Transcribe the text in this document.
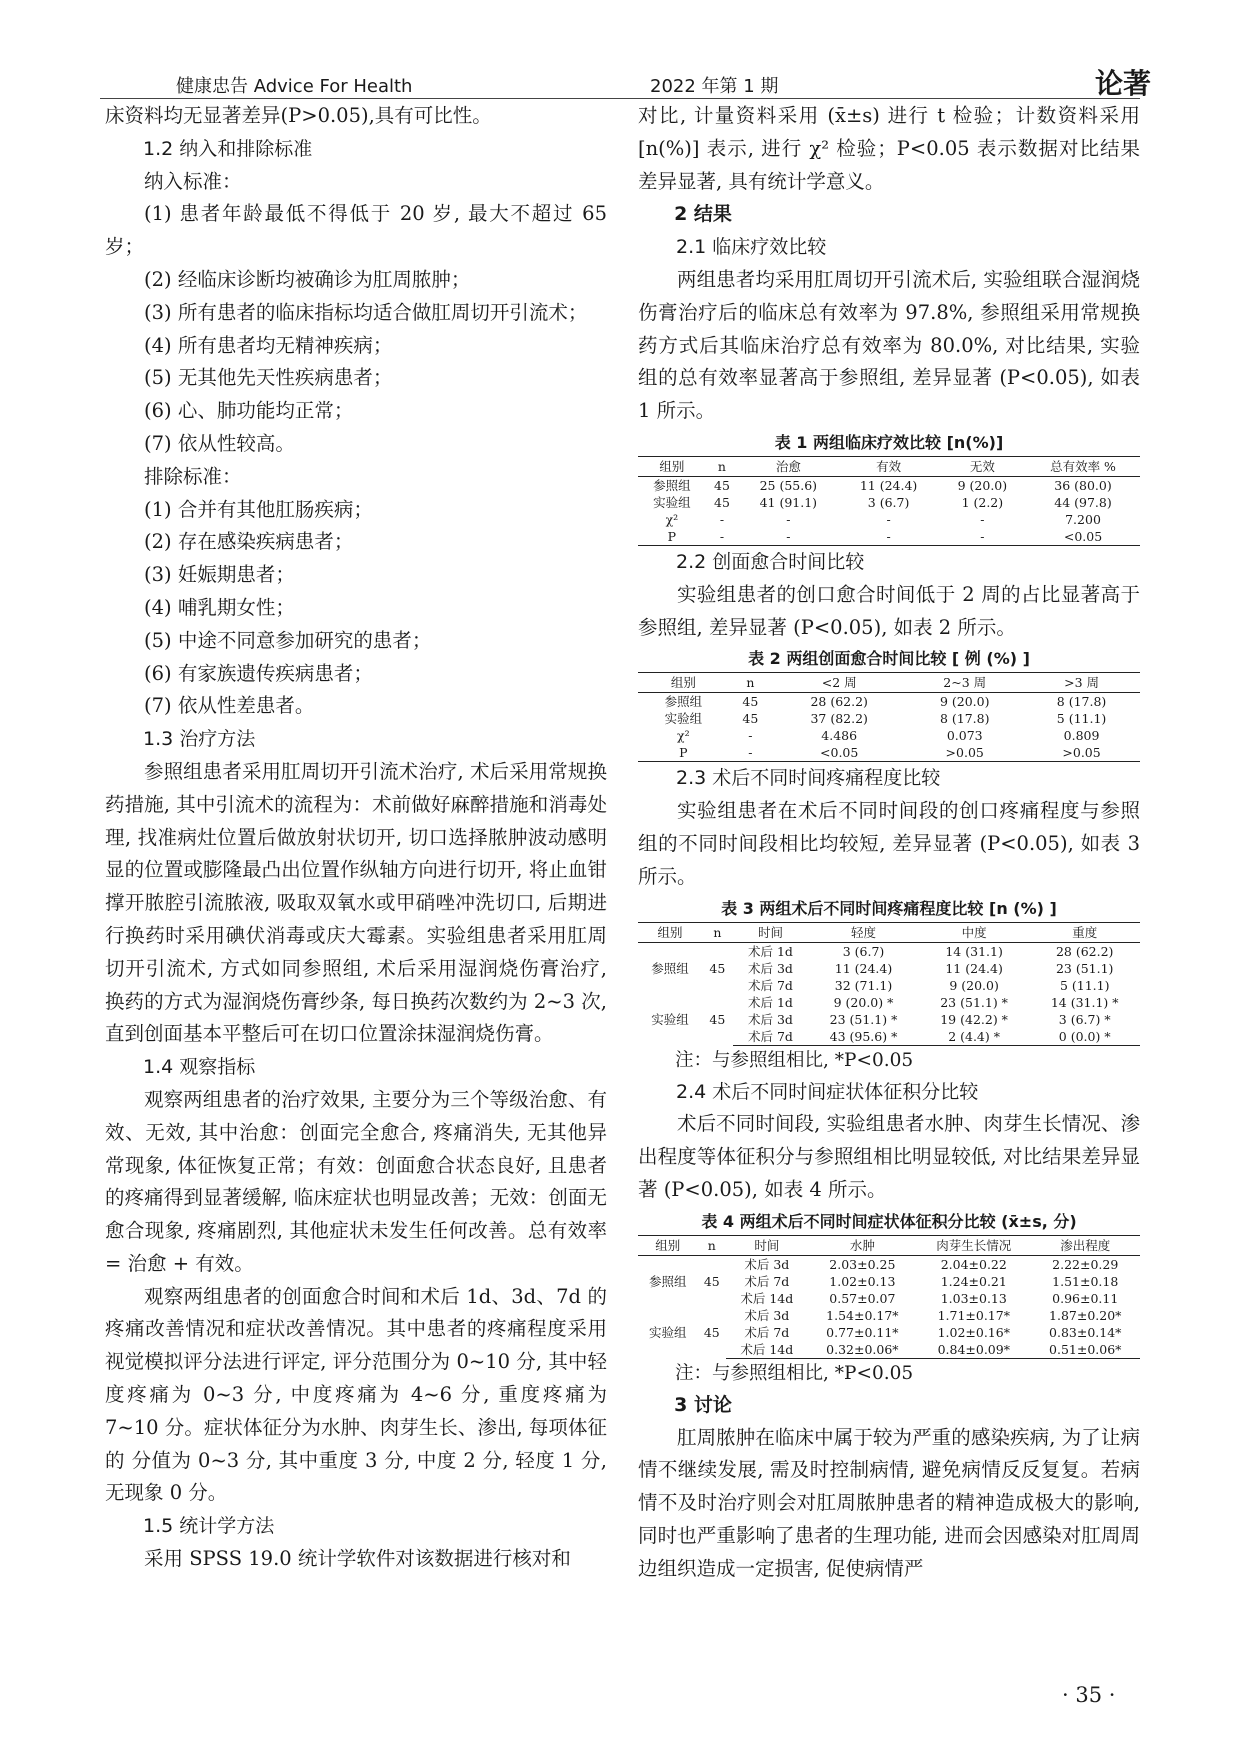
健康忠告 Advice For Health	2022 年第 1 期	论著

床资料均无显著差异(P>0.05),具有可比性。

1.2 纳入和排除标准

纳入标准：

(1) 患者年龄最低不得低于 20 岁, 最大不超过 65 岁；

(2) 经临床诊断均被确诊为肛周脓肿；

(3) 所有患者的临床指标均适合做肛周切开引流术；

(4) 所有患者均无精神疾病；

(5) 无其他先天性疾病患者；

(6) 心、肺功能均正常；

(7) 依从性较高。

排除标准：

(1) 合并有其他肛肠疾病；

(2) 存在感染疾病患者；

(3) 妊娠期患者；

(4) 哺乳期女性；

(5) 中途不同意参加研究的患者；

(6) 有家族遗传疾病患者；

(7) 依从性差患者。

1.3 治疗方法

参照组患者采用肛周切开引流术治疗, 术后采用常规换药措施, 其中引流术的流程为：术前做好麻醉措施和消毒处理, 找准病灶位置后做放射状切开, 切口选择脓肿波动感明显的位置或膨隆最凸出位置作纵轴方向进行切开, 将止血钳撑开脓腔引流脓液, 吸取双氧水或甲硝唑冲洗切口, 后期进行换药时采用碘伏消毒或庆大霉素。实验组患者采用肛周切开引流术, 方式如同参照组, 术后采用湿润烧伤膏治疗, 换药的方式为湿润烧伤膏纱条, 每日换药次数约为 2~3 次, 直到创面基本平整后可在切口位置涂抹湿润烧伤膏。

1.4 观察指标

观察两组患者的治疗效果, 主要分为三个等级治愈、有效、无效, 其中治愈：创面完全愈合, 疼痛消失, 无其他异常现象, 体征恢复正常；有效：创面愈合状态良好, 且患者的疼痛得到显著缓解, 临床症状也明显改善；无效：创面无愈合现象, 疼痛剧烈, 其他症状未发生任何改善。总有效率 = 治愈 + 有效。

观察两组患者的创面愈合时间和术后 1d、3d、7d 的疼痛改善情况和症状改善情况。其中患者的疼痛程度采用视觉模拟评分法进行评定, 评分范围分为 0~10 分, 其中轻度疼痛为 0~3 分, 中度疼痛为 4~6 分, 重度疼痛为 7~10 分。症状体征分为水肿、肉芽生长、渗出, 每项体征的 分值为 0~3 分, 其中重度 3 分, 中度 2 分, 轻度 1 分, 无现象 0 分。

1.5 统计学方法

采用 SPSS 19.0 统计学软件对该数据进行核对和

对比, 计量资料采用 (x̄±s) 进行 t 检验；计数资料采用 [n(%)] 表示, 进行 χ² 检验；P<0.05 表示数据对比结果差异显著, 具有统计学意义。

2 结果

2.1 临床疗效比较

两组患者均采用肛周切开引流术后, 实验组联合湿润烧伤膏治疗后的临床总有效率为 97.8%, 参照组采用常规换药方式后其临床治疗总有效率为 80.0%, 对比结果, 实验组的总有效率显著高于参照组, 差异显著 (P<0.05), 如表 1 所示。

表 1 两组临床疗效比较 [n(%)]
组别	n	治愈	有效	无效	总有效率 %
参照组	45	25 (55.6)	11 (24.4)	9 (20.0)	36 (80.0)
实验组	45	41 (91.1)	3 (6.7)	1 (2.2)	44 (97.8)
χ²	-	-	-	-	7.200
P	-	-	-	-	<0.05

2.2 创面愈合时间比较

实验组患者的创口愈合时间低于 2 周的占比显著高于参照组, 差异显著 (P<0.05), 如表 2 所示。

表 2 两组创面愈合时间比较 [ 例 (%) ]
组别	n	<2 周	2~3 周	>3 周
参照组	45	28 (62.2)	9 (20.0)	8 (17.8)
实验组	45	37 (82.2)	8 (17.8)	5 (11.1)
χ²	-	4.486	0.073	0.809
P	-	<0.05	>0.05	>0.05

2.3 术后不同时间疼痛程度比较

实验组患者在术后不同时间段的创口疼痛程度与参照组的不同时间段相比均较短, 差异显著 (P<0.05), 如表 3 所示。

表 3 两组术后不同时间疼痛程度比较 [n (%) ]
组别	n	时间	轻度	中度	重度
参照组	45	术后 1d	3 (6.7)	14 (31.1)	28 (62.2)
		术后 3d	11 (24.4)	11 (24.4)	23 (51.1)
		术后 7d	32 (71.1)	9 (20.0)	5 (11.1)
实验组	45	术后 1d	9 (20.0) *	23 (51.1) *	14 (31.1) *
		术后 3d	23 (51.1) *	19 (42.2) *	3 (6.7) *
		术后 7d	43 (95.6) *	2 (4.4) *	0 (0.0) *

注：与参照组相比, *P<0.05

2.4 术后不同时间症状体征积分比较

术后不同时间段, 实验组患者水肿、肉芽生长情况、渗出程度等体征积分与参照组相比明显较低, 对比结果差异显著 (P<0.05), 如表 4 所示。

表 4 两组术后不同时间症状体征积分比较 (x̄±s, 分)
组别	n	时间	水肿	肉芽生长情况	渗出程度
参照组	45	术后 3d	2.03±0.25	2.04±0.22	2.22±0.29
		术后 7d	1.02±0.13	1.24±0.21	1.51±0.18
		术后 14d	0.57±0.07	1.03±0.13	0.96±0.11
实验组	45	术后 3d	1.54±0.17*	1.71±0.17*	1.87±0.20*
		术后 7d	0.77±0.11*	1.02±0.16*	0.83±0.14*
		术后 14d	0.32±0.06*	0.84±0.09*	0.51±0.06*

注：与参照组相比, *P<0.05

3 讨论

肛周脓肿在临床中属于较为严重的感染疾病, 为了让病情不继续发展, 需及时控制病情, 避免病情反反复复。若病情不及时治疗则会对肛周脓肿患者的精神造成极大的影响, 同时也严重影响了患者的生理功能, 进而会因感染对肛周周边组织造成一定损害, 促使病情严

· 35 ·
